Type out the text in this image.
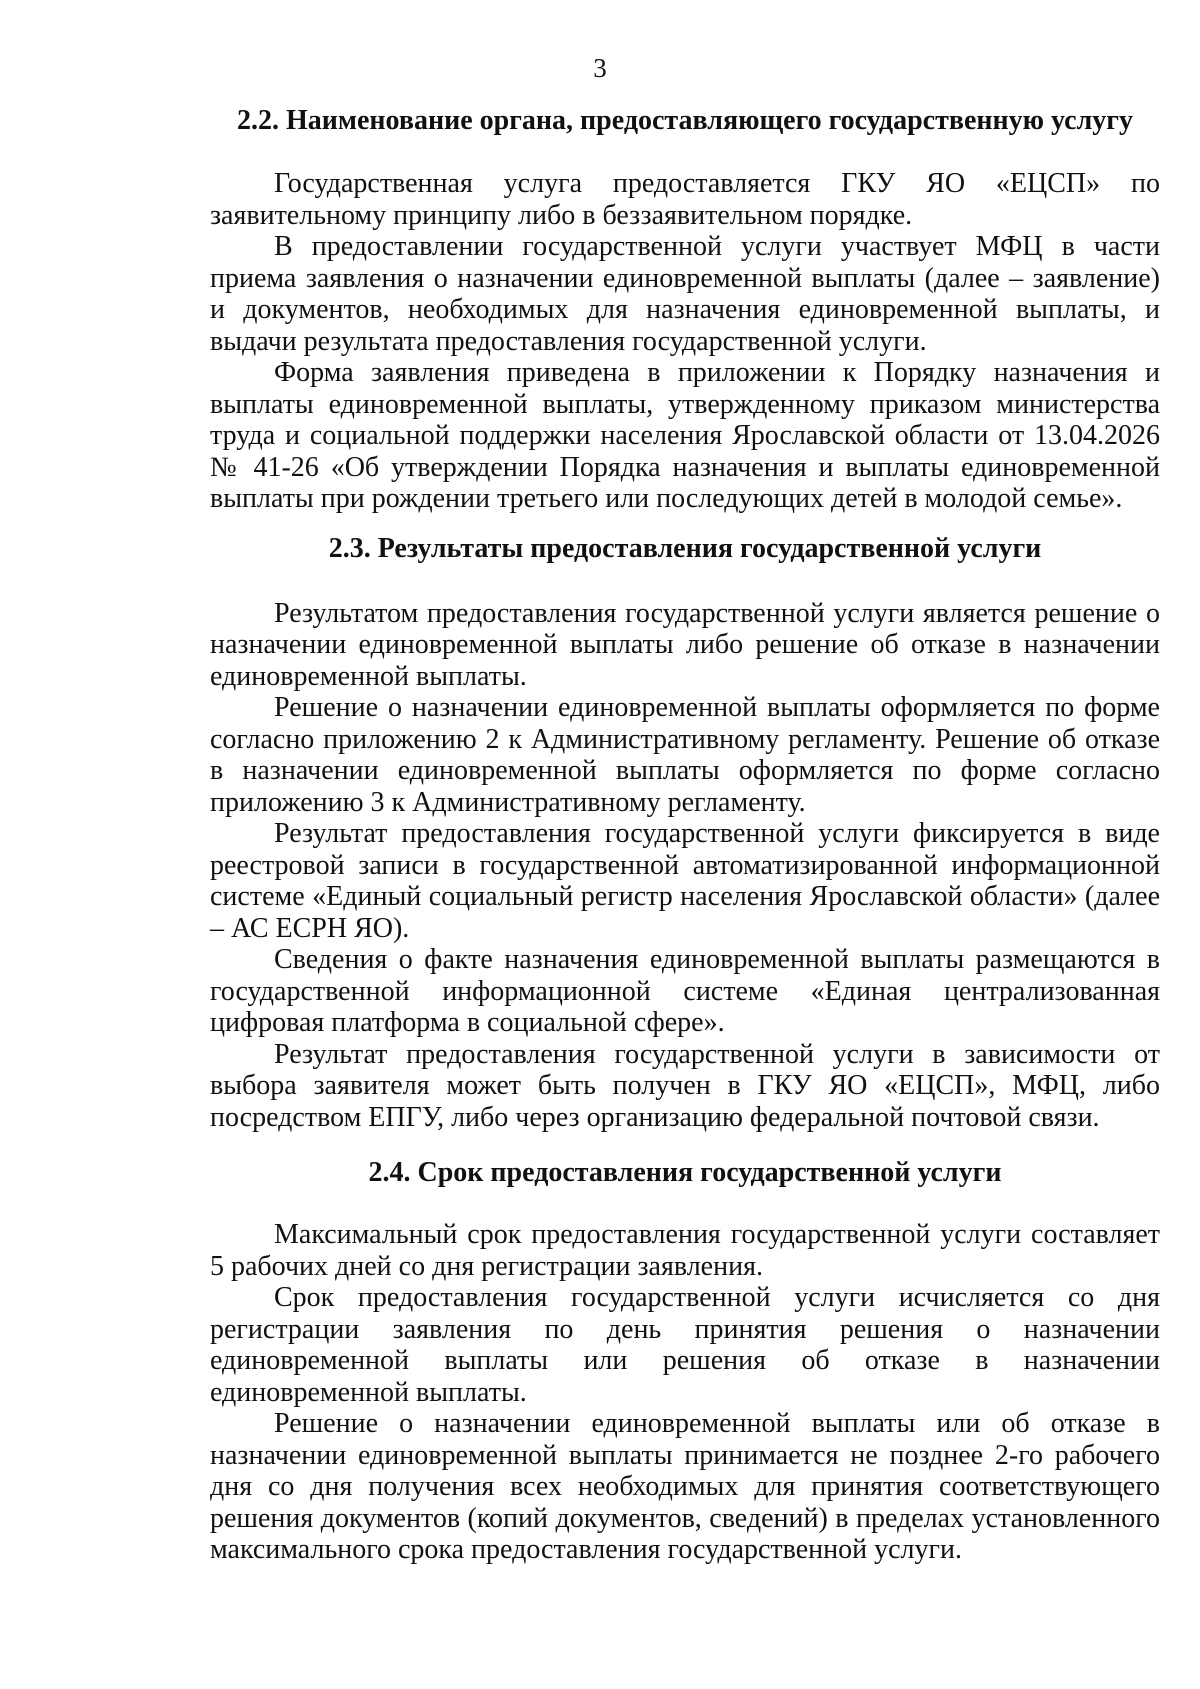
3
2.2. Наименование органа, предоставляющего государственную услугу

Государственная услуга предоставляется ГКУ ЯО «ЕЦСП» по заявительному принципу либо в беззаявительном порядке.

В предоставлении государственной услуги участвует МФЦ в части приема заявления о назначении единовременной выплаты (далее – заявление) и документов, необходимых для назначения единовременной выплаты, и выдачи результата предоставления государственной услуги.

Форма заявления приведена в приложении к Порядку назначения и выплаты единовременной выплаты, утвержденному приказом министерства труда и социальной поддержки населения Ярославской области от 13.04.2026 № 41-26 «Об утверждении Порядка назначения и выплаты единовременной выплаты при рождении третьего или последующих детей в молодой семье».

2.3. Результаты предоставления государственной услуги

Результатом предоставления государственной услуги является решение о назначении единовременной выплаты либо решение об отказе в назначении единовременной выплаты.

Решение о назначении единовременной выплаты оформляется по форме согласно приложению 2 к Административному регламенту. Решение об отказе в назначении единовременной выплаты оформляется по форме согласно приложению 3 к Административному регламенту.

Результат предоставления государственной услуги фиксируется в виде реестровой записи в государственной автоматизированной информационной системе «Единый социальный регистр населения Ярославской области» (далее – АС ЕСРН ЯО).

Сведения о факте назначения единовременной выплаты размещаются в государственной информационной системе «Единая централизованная цифровая платформа в социальной сфере».

Результат предоставления государственной услуги в зависимости от выбора заявителя может быть получен в ГКУ ЯО «ЕЦСП», МФЦ, либо посредством ЕПГУ, либо через организацию федеральной почтовой связи.

2.4. Срок предоставления государственной услуги

Максимальный срок предоставления государственной услуги составляет 5 рабочих дней со дня регистрации заявления.

Срок предоставления государственной услуги исчисляется со дня регистрации заявления по день принятия решения о назначении единовременной выплаты или решения об отказе в назначении единовременной выплаты.

Решение о назначении единовременной выплаты или об отказе в назначении единовременной выплаты принимается не позднее 2-го рабочего дня со дня получения всех необходимых для принятия соответствующего решения документов (копий документов, сведений) в пределах установленного максимального срока предоставления государственной услуги.
